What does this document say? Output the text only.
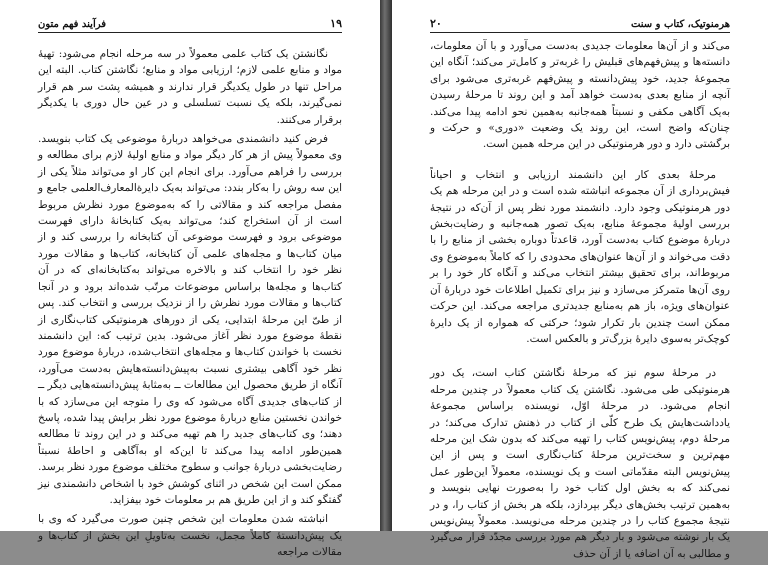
فرآیند فهم متون	۱۹

نگانشتن یک کتاب علمی معمولاً در سه مرحله انجام می‌شود: تهیهٔ مواد و منابع علمی لازم؛ ارزیابی مواد و منابع؛ نگاشتن کتاب. البته این مراحل تنها در طول یکدیگر قرار ندارند و همیشه پشت سر هم قرار نمی‌گیرند، بلکه یک نسبت تسلسلی و در عین حال دوری با یکدیگر برقرار می‌کنند.

فرض کنید دانشمندی می‌خواهد دربارهٔ موضوعی یک کتاب بنویسد. وی معمولاً پیش از هر کار دیگر مواد و منابع اولیهٔ لازم برای مطالعه و بررسی را فراهم می‌آورد. برای انجام این کار او می‌تواند مثلاً یکی از این سه روش را به‌کار بندد: می‌تواند به‌یک دایرةالمعارف‌العلمی جامع و مفصل مراجعه کند و مقالاتی را که به‌موضوع مورد نظرش مربوط است از آن استخراج کند؛ می‌تواند به‌یک کتابخانهٔ دارای فهرست موضوعی برود و فهرست موضوعی آن کتابخانه را بررسی کند و از میان کتاب‌ها و مجله‌های علمی آن کتابخانه، کتاب‌ها و مقالات مورد نظر خود را انتخاب کند و بالاخره می‌تواند به‌کتابخانه‌ای که در آن کتاب‌ها و مجله‌ها براساس موضوعات مرتّب شده‌اند برود و در آنجا کتاب‌ها و مقالات مورد نظرش را از نزدیک بررسی و انتخاب کند. پس از طیّ این مرحلهٔ ابتدایی، یکی از دورهای هرمنوتیکی کتاب‌نگاری از نقطهٔ موضوع مورد نظر آغاز می‌شود. بدین ترتیب که: این دانشمند نخست با خواندن کتاب‌ها و مجله‌های انتخاب‌شده، دربارهٔ موضوع مورد نظر خود آگاهی بیشتری نسبت به‌پیش‌دانسته‌هایش به‌دست می‌آورد، آنگاه از طریق محصول این مطالعات ــ به‌مثابهٔ پیش‌دانسته‌هایی دیگر ــ از کتاب‌های جدیدی آگاه می‌شود که وی را متوجه این می‌سازد که با خواندن نخستین منابع دربارهٔ موضوع مورد نظر برایش پیدا شده، پاسخ دهند؛ وی کتاب‌های جدید را هم تهیه می‌کند و در این روند تا مطالعه همین‌طور ادامه پیدا می‌کند تا این‌که او به‌آگاهی و احاطهٔ نسبتاً رضایت‌بخشی دربارهٔ جوانب و سطوح مختلف موضوع مورد نظر برسد. ممکن است این شخص در اثنای کوشش خود با اشخاص دانشمندی نیز گفتگو کند و از این طریق هم بر معلومات خود بیفزاید.

انباشته شدن معلومات این شخص چنین صورت می‌گیرد که وی با یک پیش‌دانستهٔ کاملاً مجمل، نخست به‌تاویلِ این بخش از کتاب‌ها و مقالات مراجعه

هرمنوتیک، کتاب و سنت
۲۰

می‌کند و از آن‌ها معلومات جدیدی به‌دست می‌آورد و با آن معلومات، دانسته‌ها و پیش‌فهم‌های قبلیش را غربه‌تر و کامل‌تر می‌کند؛ آنگاه این مجموعهٔ جدید، خود پیش‌دانسته و پیش‌فهم غربه‌تری می‌شود برای آنچه از منابع بعدی به‌دست خواهد آمد و این روند تا مرحلهٔ رسیدن به‌یک آگاهی مکفی و نسبتاً همه‌جانبه به‌همین نحو ادامه پیدا می‌کند. چنان‌که واضح است، این روند یک وضعیت «دوری» و حرکت و برگشتی دارد و دور هرمنوتیکی در این مرحله همین است.

مرحلهٔ بعدی کار این دانشمند ارزیابی و انتخاب و احیاناً فیش‌برداری از آن مجموعه انباشته شده است و در این مرحله هم یک دور هرمنوتیکی وجود دارد. دانشمند مورد نظر پس از آن‌که در نتیجهٔ بررسی اولیهٔ مجموعهٔ منابع، به‌یک تصور همه‌جانبه و رضایت‌بخش دربارهٔ موضوع کتاب به‌دست آورد، قاعدتاً دوباره بخشی از منابع را با دقت می‌خواند و از آن‌ها عنوان‌های محدودی را که کاملاً به‌موضوع وی مربوط‌اند، برای تحقیق بیشتر انتخاب می‌کند و آنگاه کار خود را بر روی آن‌ها متمرکز می‌سازد و نیز برای تکمیل اطلاعات خود دربارهٔ آن عنوان‌های ویژه، باز هم به‌منابع جدیدتری مراجعه می‌کند. این حرکت ممکن است چندین بار تکرار شود؛ حرکتی که همواره از یک دایرهٔ کوچک‌تر به‌سوی دایرهٔ بزرگ‌تر و بالعکس است.

در مرحلهٔ سوم نیز که مرحلهٔ نگاشتن کتاب است، یک دور هرمنوتیکی طی می‌شود. نگاشتن یک کتاب معمولاً در چندین مرحله انجام می‌شود. در مرحلهٔ اوّل، نویسنده براساس مجموعهٔ یادداشت‌هایش یک طرح کلّی از کتاب در ذهنش تدارک می‌کند؛ در مرحلهٔ دوم، پیش‌نویس کتاب را تهیه می‌کند که بدون شک این مرحله مهم‌ترین و سخت‌ترین مرحلهٔ کتاب‌نگاری است و پس از این پیش‌نویس البته مقدّماتی است و یک نویسنده، معمولاً این‌طور عمل نمی‌کند که به بخش اول کتاب خود را به‌صورت نهایی بنویسد و به‌همین ترتیب بخش‌های دیگر بپردازد، بلکه هر بخش از کتاب را، و در نتیجهٔ مجموع کتاب را در چندین مرحله می‌نویسد. معمولاً پیش‌نویس یک بار نوشته می‌شود و بار دیگر هم مورد بررسی مجدّد قرار می‌گیرد و مطالبی به آن اضافه یا از آن حذف
